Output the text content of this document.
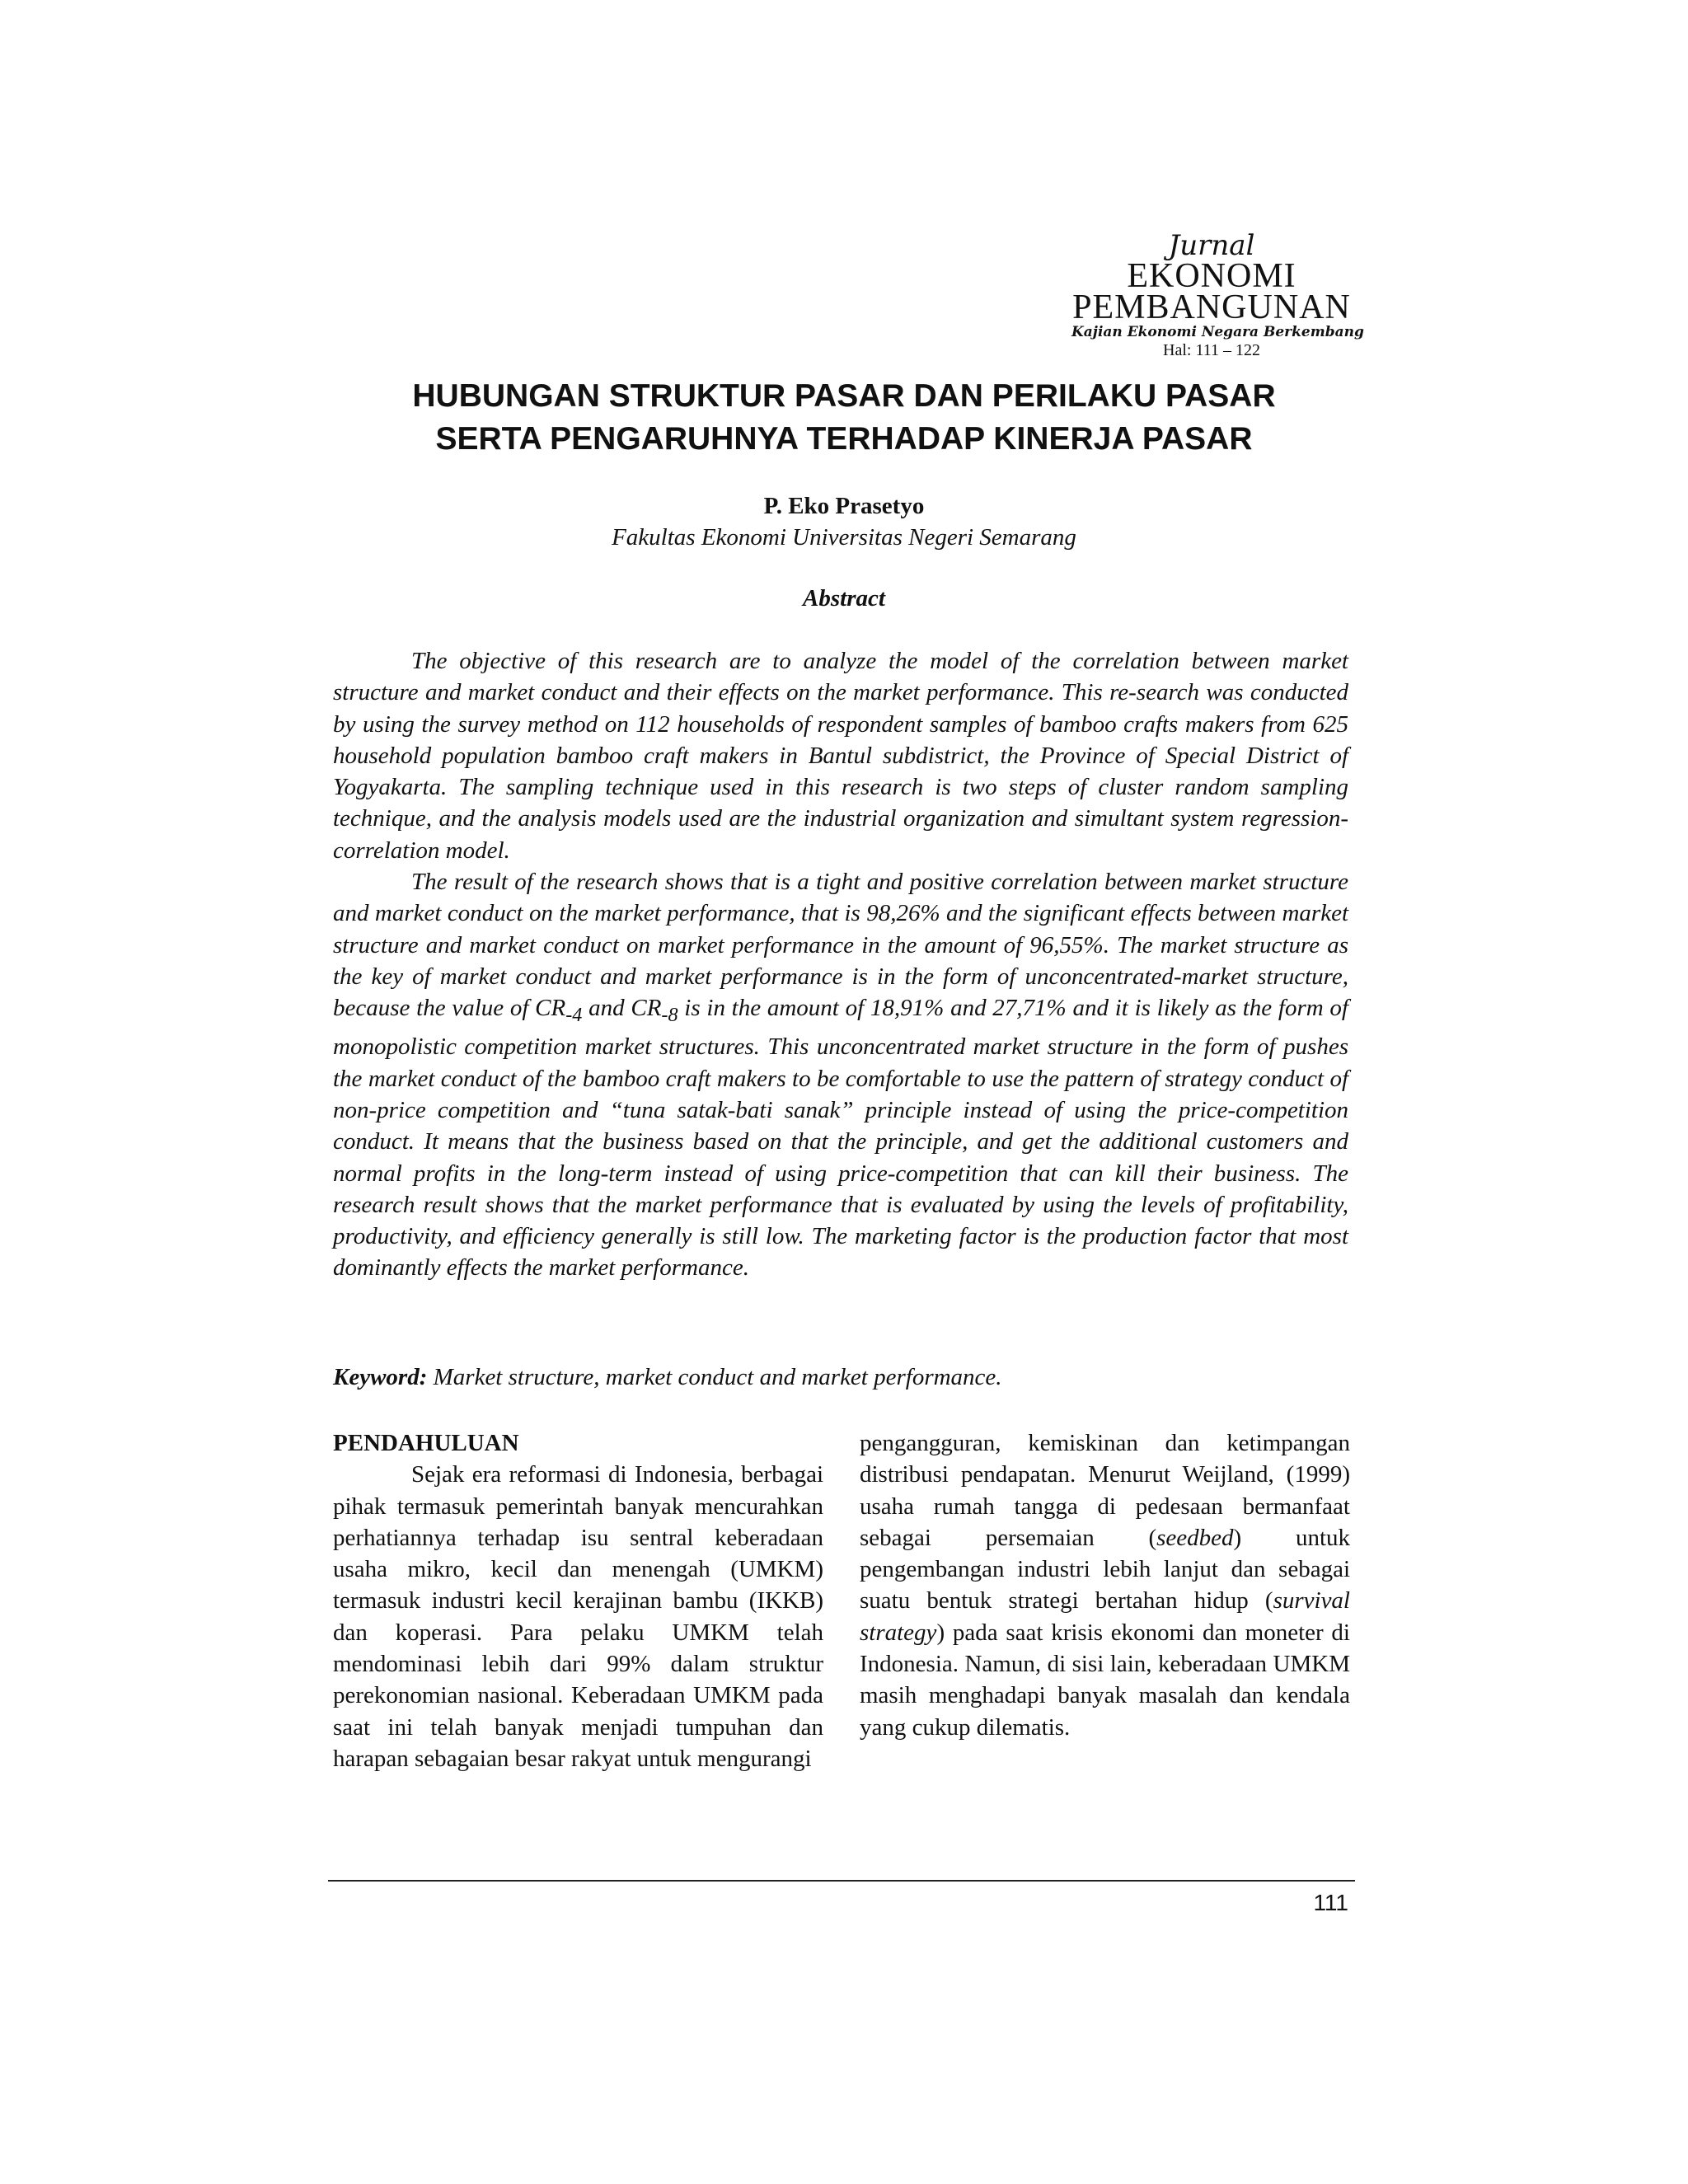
Jurnal
EKONOMI
PEMBANGUNAN
Kajian Ekonomi Negara Berkembang
Hal: 111 – 122
HUBUNGAN STRUKTUR PASAR DAN PERILAKU PASAR
SERTA PENGARUHNYA TERHADAP KINERJA PASAR
P. Eko Prasetyo
Fakultas Ekonomi Universitas Negeri Semarang
Abstract

The objective of this research are to analyze the model of the correlation between market structure and market conduct and their effects on the market performance. This re-search was conducted by using the survey method on 112 households of respondent samples of bamboo crafts makers from 625 household population bamboo craft makers in Bantul subdistrict, the Province of Special District of Yogyakarta. The sampling technique used in this research is two steps of cluster random sampling technique, and the analysis models used are the industrial organization and simultant system regression-correlation model.

The result of the research shows that is a tight and positive correlation between market structure and market conduct on the market performance, that is 98,26% and the significant effects between market structure and market conduct on market performance in the amount of 96,55%. The market structure as the key of market conduct and market performance is in the form of unconcentrated-market structure, because the value of $CR_{-4}$ and $CR_{-8}$ is in the amount of 18,91% and 27,71% and it is likely as the form of monopolistic competition market structures. This unconcentrated market structure in the form of pushes the market conduct of the bamboo craft makers to be comfortable to use the pattern of strategy conduct of non-price competition and “tuna satak-bati sanak” principle instead of using the price-competition conduct. It means that the business based on that the principle, and get the additional customers and normal profits in the long-term instead of using price-competition that can kill their business. The research result shows that the market performance that is evaluated by using the levels of profitability, productivity, and efficiency generally is still low. The marketing factor is the production factor that most dominantly effects the market performance.

Keyword: Market structure, market conduct and market performance.

PENDAHULUAN

Sejak era reformasi di Indonesia, berbagai pihak termasuk pemerintah banyak mencurahkan perhatiannya terhadap isu sentral keberadaan usaha mikro, kecil dan menengah (UMKM) termasuk industri kecil kerajinan bambu (IKKB) dan koperasi. Para pelaku UMKM telah mendominasi lebih dari 99% dalam struktur perekonomian nasional. Keberadaan UMKM pada saat ini telah banyak menjadi tumpuhan dan harapan sebagaian besar rakyat untuk mengurangi

pengangguran, kemiskinan dan ketimpangan distribusi pendapatan. Menurut Weijland, (1999) usaha rumah tangga di pedesaan bermanfaat sebagai persemaian (seedbed) untuk pengembangan industri lebih lanjut dan sebagai suatu bentuk strategi bertahan hidup (survival strategy) pada saat krisis ekonomi dan moneter di Indonesia. Namun, di sisi lain, keberadaan UMKM masih menghadapi banyak masalah dan kendala yang cukup dilematis.

111
